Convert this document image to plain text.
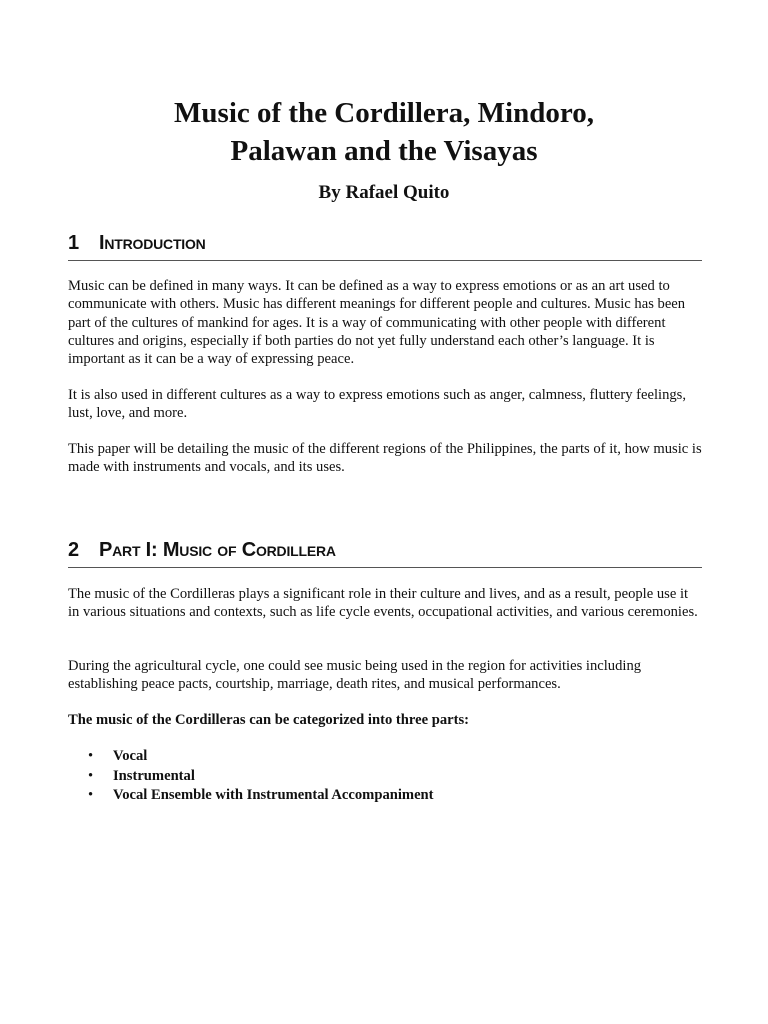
Music of the Cordillera, Mindoro,
Palawan and the Visayas

By Rafael Quito

1 Introduction

Music can be defined in many ways. It can be defined as a way to express emotions or as an art used to communicate with others. Music has different meanings for different people and cultures. Music has been part of the cultures of mankind for ages. It is a way of communicating with other people with different cultures and origins, especially if both parties do not yet fully understand each other’s language. It is important as it can be a way of expressing peace.

It is also used in different cultures as a way to express emotions such as anger, calmness, fluttery feelings, lust, love, and more.

This paper will be detailing the music of the different regions of the Philippines, the parts of it, how music is made with instruments and vocals, and its uses.

2 Part I: Music of Cordillera

The music of the Cordilleras plays a significant role in their culture and lives, and as a result, people use it in various situations and contexts, such as life cycle events, occupational activities, and various ceremonies.

During the agricultural cycle, one could see music being used in the region for activities including establishing peace pacts, courtship, marriage, death rites, and musical performances.

The music of the Cordilleras can be categorized into three parts:

• Vocal
• Instrumental
• Vocal Ensemble with Instrumental Accompaniment
